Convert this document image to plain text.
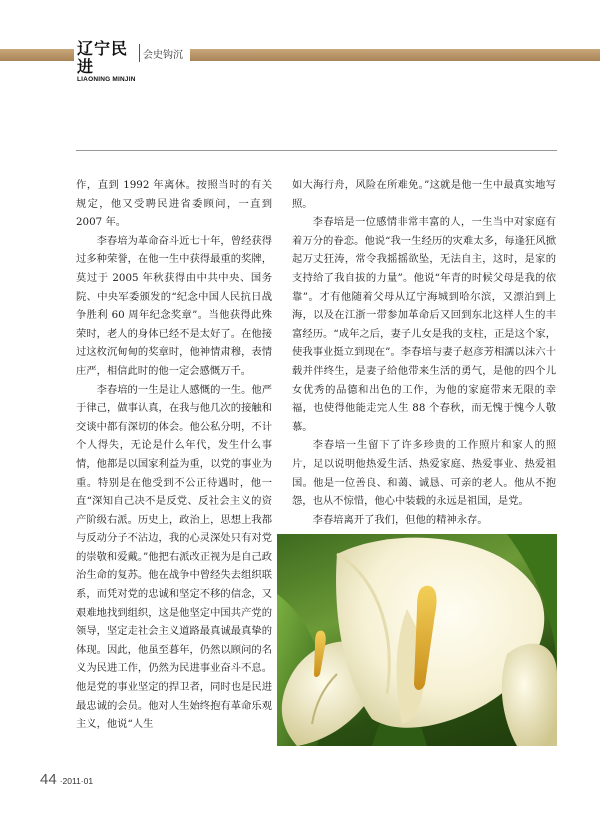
辽宁民进
LIAONING MINJIN
会史钩沉

作，直到 1992 年离休。按照当时的有关规定，他又受聘民进省委顾问，一直到 2007 年。

李春培为革命奋斗近七十年，曾经获得过多种荣誉，在他一生中获得最重的奖牌，莫过于 2005 年秋获得由中共中央、国务院、中央军委颁发的“纪念中国人民抗日战争胜利 60 周年纪念奖章”。当他获得此殊荣时，老人的身体已经不是太好了。在他接过这枚沉甸甸的奖章时，他神情肃穆，表情庄严，相信此时的他一定会感慨万千。

李春培的一生是让人感慨的一生。他严于律己，做事认真，在我与他几次的接触和交谈中都有深切的体会。他公私分明，不计个人得失，无论是什么年代，发生什么事情，他都是以国家利益为重，以党的事业为重。特别是在他受到不公正待遇时，他一直“深知自己决不是反党、反社会主义的资产阶级右派。历史上，政治上，思想上我都与反动分子不沾边，我的心灵深处只有对党的崇敬和爱戴。”他把右派改正视为是自己政治生命的复苏。他在战争中曾经失去组织联系，而凭对党的忠诚和坚定不移的信念，又艰难地找到组织，这是他坚定中国共产党的领导，坚定走社会主义道路最真诚最真挚的体现。因此，他虽至暮年，仍然以顾问的名义为民进工作，仍然为民进事业奋斗不息。他是党的事业坚定的捍卫者，同时也是民进最忠诚的会员。他对人生始终抱有革命乐观主义，他说“人生

如大海行舟，风险在所难免。”这就是他一生中最真实地写照。

李春培是一位感情非常丰富的人，一生当中对家庭有着万分的眷恋。他说“我一生经历的灾难太多，每逢狂风掀起万丈狂涛，常令我摇摇欲坠，无法自主，这时，是家的支持给了我自拔的力量”。他说“年青的时候父母是我的依靠”。才有他随着父母从辽宁海城到哈尔滨，又漂泊到上海，以及在江浙一带参加革命后又回到东北这样人生的丰富经历。“成年之后，妻子儿女是我的支柱，正是这个家，使我事业挺立到现在”。李春培与妻子赵彦芳相濡以沫六十载并伴终生，是妻子给他带来生活的勇气，是他的四个儿女优秀的品德和出色的工作，为他的家庭带来无限的幸福，也使得他能走完人生 88 个春秋，而无愧于愧今人敬慕。

李春培一生留下了许多珍贵的工作照片和家人的照片，足以说明他热爱生活、热爱家庭、热爱事业、热爱祖国。他是一位善良、和蔼、诚恳、可亲的老人。他从不抱怨，也从不惊惜，他心中装载的永远是祖国，是党。

李春培离开了我们，但他的精神永存。

44 ·2011·01
